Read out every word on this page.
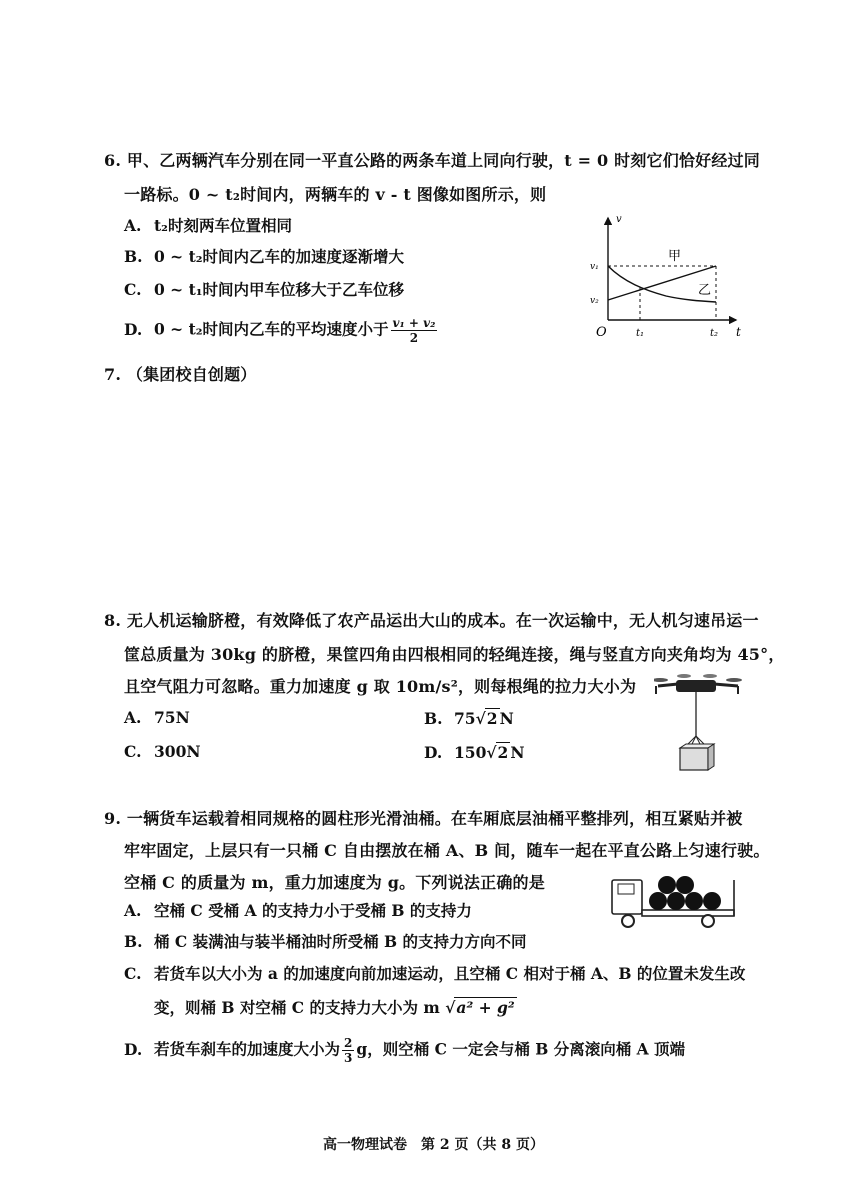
6. 甲、乙两辆汽车分别在同一平直公路的两条车道上同向行驶，t = 0 时刻它们恰好经过同
一路标。0 ~ t₂时间内，两辆车的 v - t 图像如图所示，则
A. t₂时刻两车位置相同
B. 0 ~ t₂时间内乙车的加速度逐渐增大
C. 0 ~ t₁时间内甲车位移大于乙车位移
D. 0 ~ t₂时间内乙车的平均速度小于 $\frac{\text{v₁ + v₂}}{2}$
v
v₁
v₂
O	t₁	t₂ t
甲
乙
7. （集团校自创题）
8. 无人机运输脐橙，有效降低了农产品运出大山的成本。在一次运输中，无人机匀速吊运一
筐总质量为 30kg 的脐橙，果筐四角由四根相同的轻绳连接，绳与竖直方向夹角均为 45°，
且空气阻力可忽略。重力加速度 g 取 10m/s²，则每根绳的拉力大小为
A. 75N	B. 75√2 N
C. 300N	D. 150√2 N
9. 一辆货车运载着相同规格的圆柱形光滑油桶。在车厢底层油桶平整排列，相互紧贴并被
牢牢固定，上层只有一只桶 C 自由摆放在桶 A、B 间，随车一起在平直公路上匀速行驶。
空桶 C 的质量为 m，重力加速度为 g。下列说法正确的是
A. 空桶 C 受桶 A 的支持力小于受桶 B 的支持力
B. 桶 C 装满油与装半桶油时所受桶 B 的支持力方向不同
C. 若货车以大小为 a 的加速度向前加速运动，且空桶 C 相对于桶 A、B 的位置未发生改
变，则桶 B 对空桶 C 的支持力大小为 m √a² + g²
D. 若货车刹车的加速度大小为 $\frac{2}{3}$ g，则空桶 C 一定会与桶 B 分离滚向桶 A 顶端
高一物理试卷　第 2 页（共 8 页）
